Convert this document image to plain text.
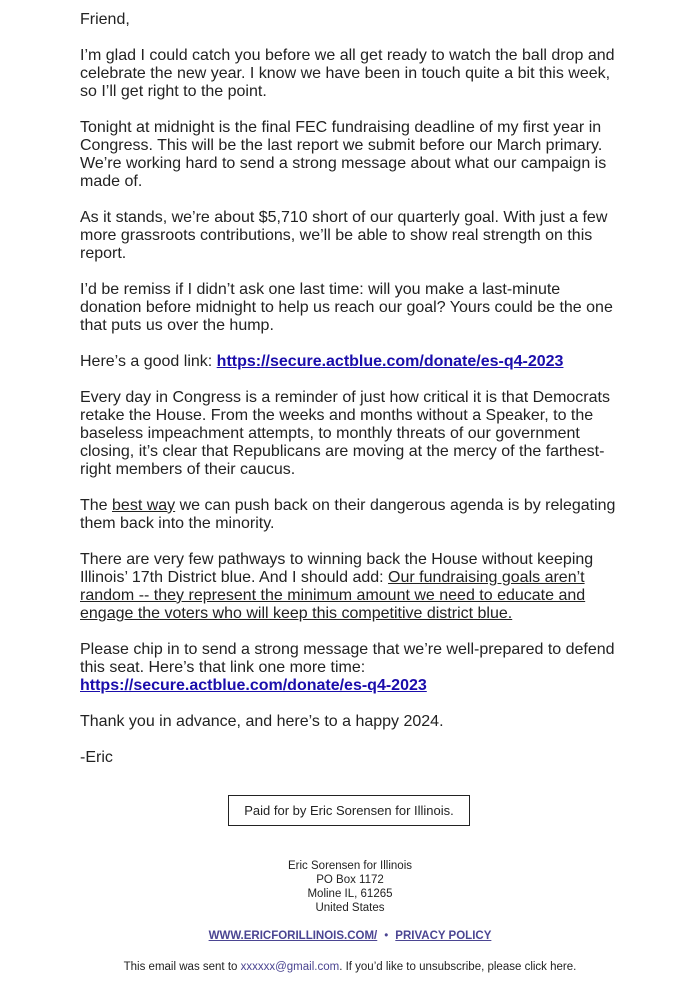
Friend,

I’m glad I could catch you before we all get ready to watch the ball drop and celebrate the new year. I know we have been in touch quite a bit this week, so I’ll get right to the point.

Tonight at midnight is the final FEC fundraising deadline of my first year in Congress. This will be the last report we submit before our March primary. We’re working hard to send a strong message about what our campaign is made of.

As it stands, we’re about $5,710 short of our quarterly goal. With just a few more grassroots contributions, we’ll be able to show real strength on this report.

I’d be remiss if I didn’t ask one last time: will you make a last-minute donation before midnight to help us reach our goal? Yours could be the one that puts us over the hump.

Here’s a good link: https://secure.actblue.com/donate/es-q4-2023

Every day in Congress is a reminder of just how critical it is that Democrats retake the House. From the weeks and months without a Speaker, to the baseless impeachment attempts, to monthly threats of our government closing, it’s clear that Republicans are moving at the mercy of the farthest-right members of their caucus.

The best way we can push back on their dangerous agenda is by relegating them back into the minority.

There are very few pathways to winning back the House without keeping Illinois’ 17th District blue. And I should add: Our fundraising goals aren’t random -- they represent the minimum amount we need to educate and engage the voters who will keep this competitive district blue.

Please chip in to send a strong message that we’re well-prepared to defend this seat. Here’s that link one more time:
https://secure.actblue.com/donate/es-q4-2023

Thank you in advance, and here’s to a happy 2024.

-Eric

Paid for by Eric Sorensen for Illinois.
Eric Sorensen for Illinois
PO Box 1172
Moline IL, 61265
United States
WWW.ERICFORILLINOIS.COM/ • PRIVACY POLICY
This email was sent to xxxxxx@gmail.com. If you’d like to unsubscribe, please click here.
